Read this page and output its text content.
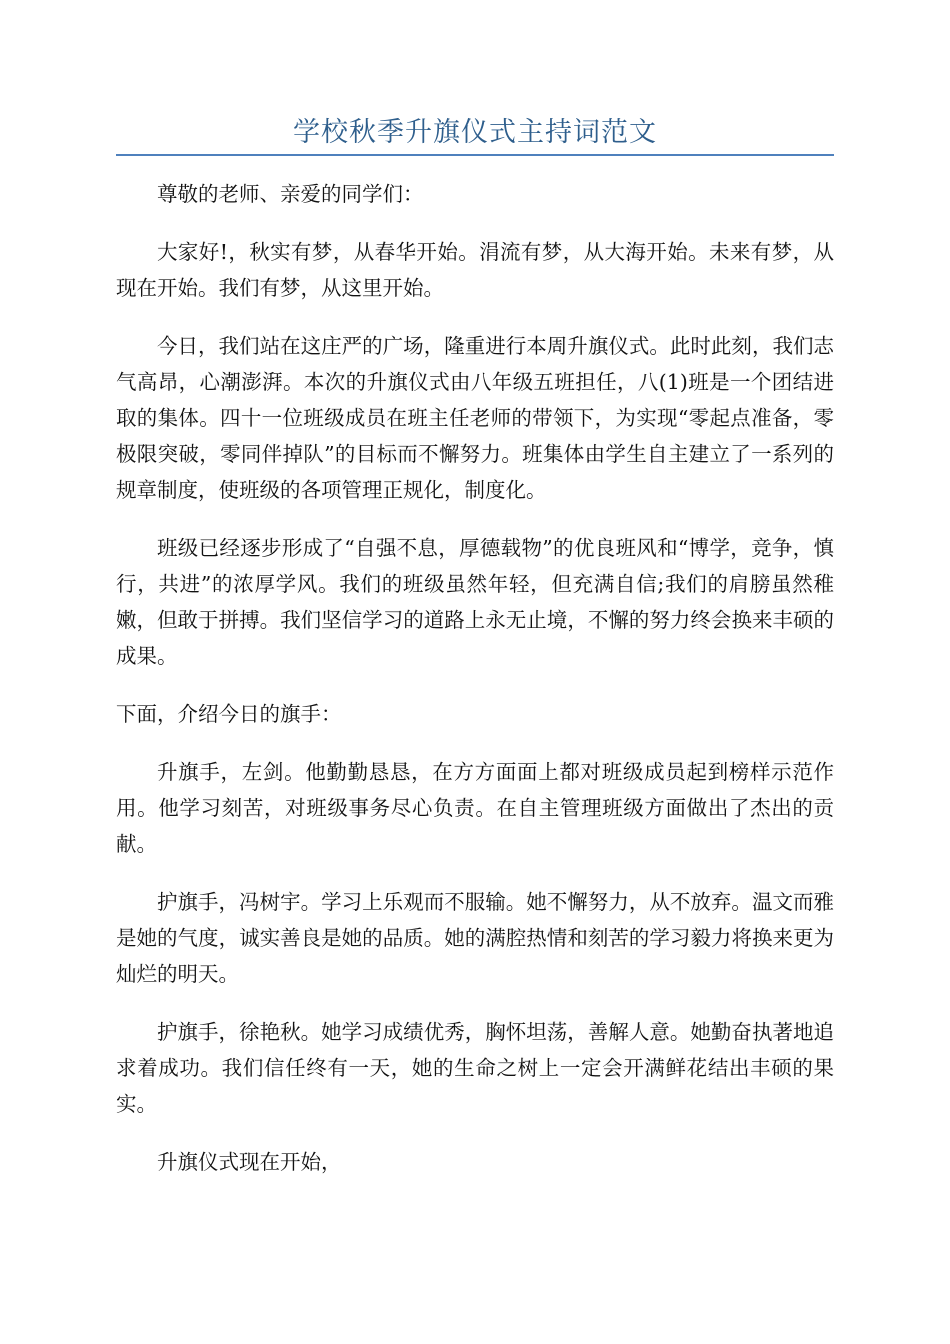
学校秋季升旗仪式主持词范文

尊敬的老师、亲爱的同学们：

大家好!，秋实有梦，从春华开始。涓流有梦，从大海开始。未来有梦，从现在开始。我们有梦，从这里开始。

今日，我们站在这庄严的广场，隆重进行本周升旗仪式。此时此刻，我们志气高昂，心潮澎湃。本次的升旗仪式由八年级五班担任，八(1)班是一个团结进取的集体。四十一位班级成员在班主任老师的带领下，为实现“零起点准备，零极限突破，零同伴掉队”的目标而不懈努力。班集体由学生自主建立了一系列的规章制度，使班级的各项管理正规化，制度化。

班级已经逐步形成了“自强不息，厚德载物”的优良班风和“博学，竞争，慎行，共进”的浓厚学风。我们的班级虽然年轻，但充满自信;我们的肩膀虽然稚嫩，但敢于拼搏。我们坚信学习的道路上永无止境，不懈的努力终会换来丰硕的成果。

下面，介绍今日的旗手：

升旗手，左剑。他勤勤恳恳，在方方面面上都对班级成员起到榜样示范作用。他学习刻苦，对班级事务尽心负责。在自主管理班级方面做出了杰出的贡献。

护旗手，冯树宇。学习上乐观而不服输。她不懈努力，从不放弃。温文而雅是她的气度，诚实善良是她的品质。她的满腔热情和刻苦的学习毅力将换来更为灿烂的明天。

护旗手，徐艳秋。她学习成绩优秀，胸怀坦荡，善解人意。她勤奋执著地追求着成功。我们信任终有一天，她的生命之树上一定会开满鲜花结出丰硕的果实。

升旗仪式现在开始，
